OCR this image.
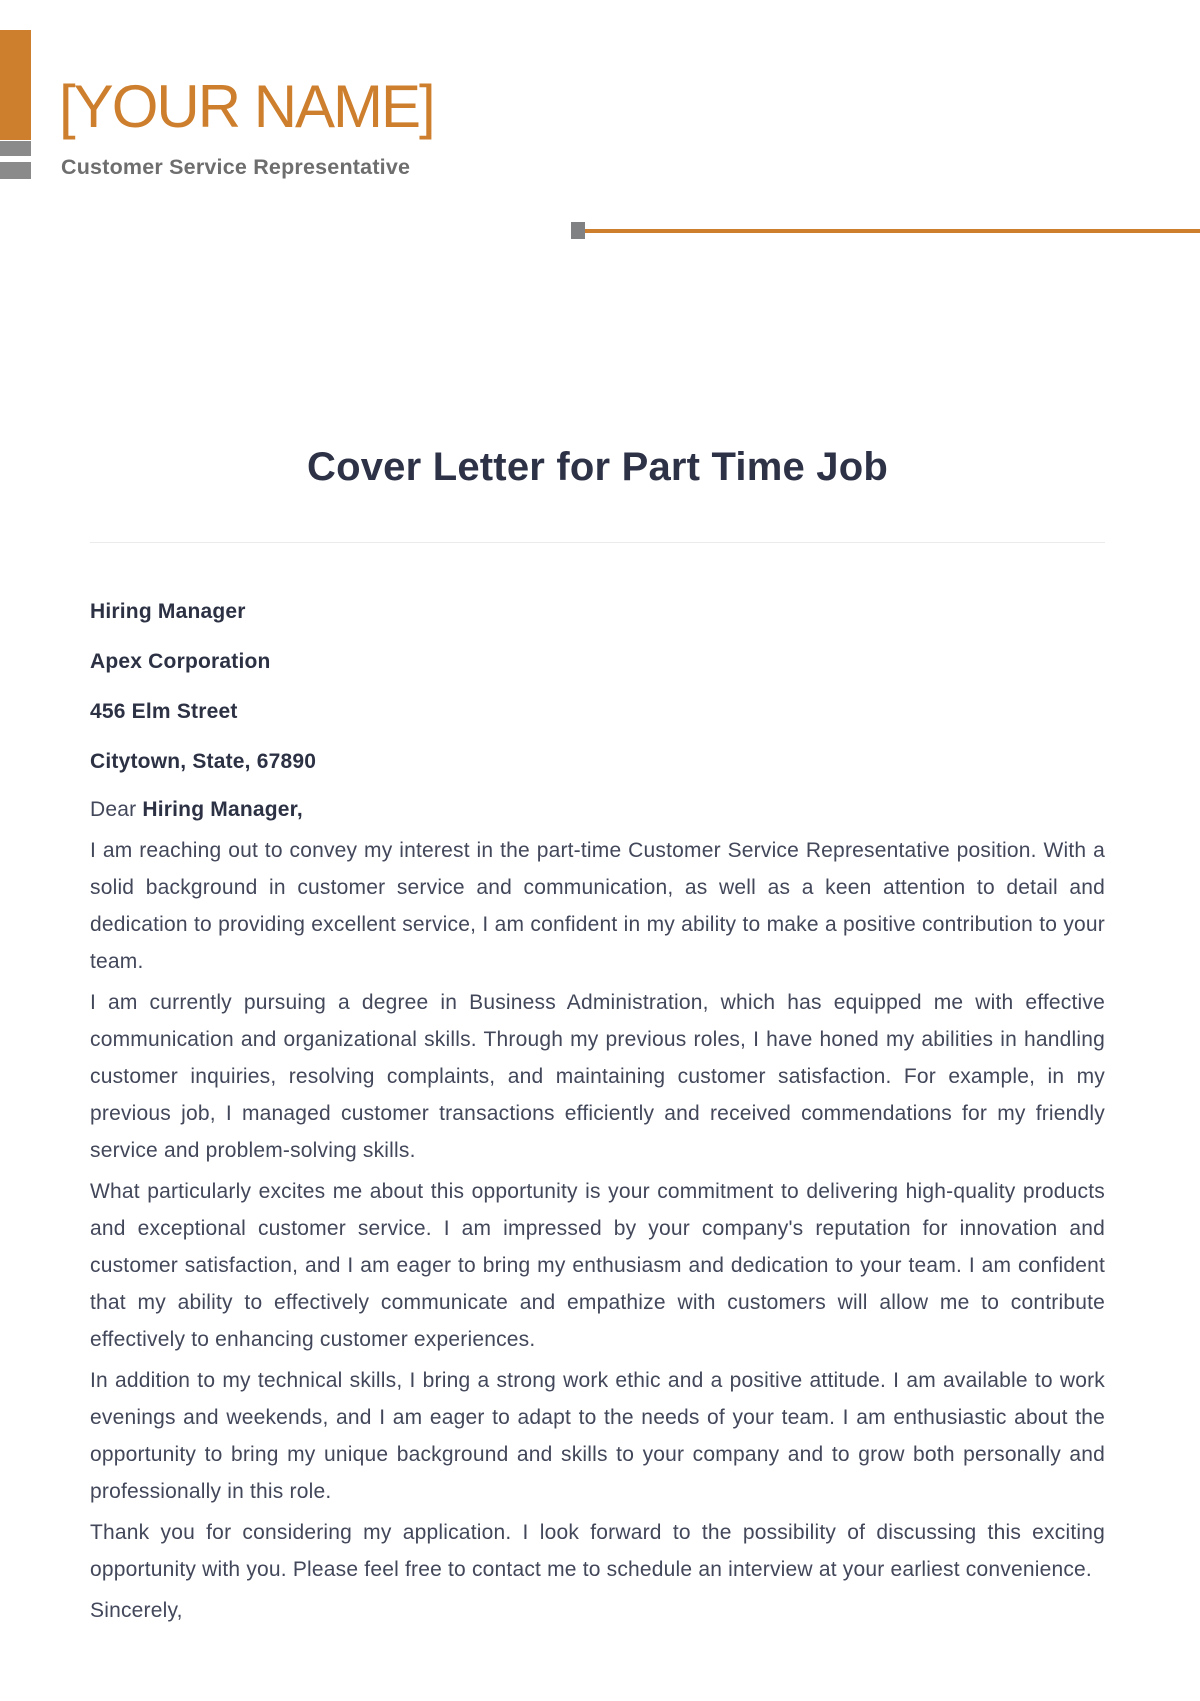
[YOUR NAME]
Customer Service Representative
Cover Letter for Part Time Job

Hiring Manager

Apex Corporation

456 Elm Street

Citytown, State, 67890

Dear Hiring Manager,

I am reaching out to convey my interest in the part-time Customer Service Representative position. With a solid background in customer service and communication, as well as a keen attention to detail and dedication to providing excellent service, I am confident in my ability to make a positive contribution to your team.

I am currently pursuing a degree in Business Administration, which has equipped me with effective communication and organizational skills. Through my previous roles, I have honed my abilities in handling customer inquiries, resolving complaints, and maintaining customer satisfaction. For example, in my previous job, I managed customer transactions efficiently and received commendations for my friendly service and problem-solving skills.

What particularly excites me about this opportunity is your commitment to delivering high-quality products and exceptional customer service. I am impressed by your company's reputation for innovation and customer satisfaction, and I am eager to bring my enthusiasm and dedication to your team. I am confident that my ability to effectively communicate and empathize with customers will allow me to contribute effectively to enhancing customer experiences.

In addition to my technical skills, I bring a strong work ethic and a positive attitude. I am available to work evenings and weekends, and I am eager to adapt to the needs of your team. I am enthusiastic about the opportunity to bring my unique background and skills to your company and to grow both personally and professionally in this role.

Thank you for considering my application. I look forward to the possibility of discussing this exciting opportunity with you. Please feel free to contact me to schedule an interview at your earliest convenience.

Sincerely,
